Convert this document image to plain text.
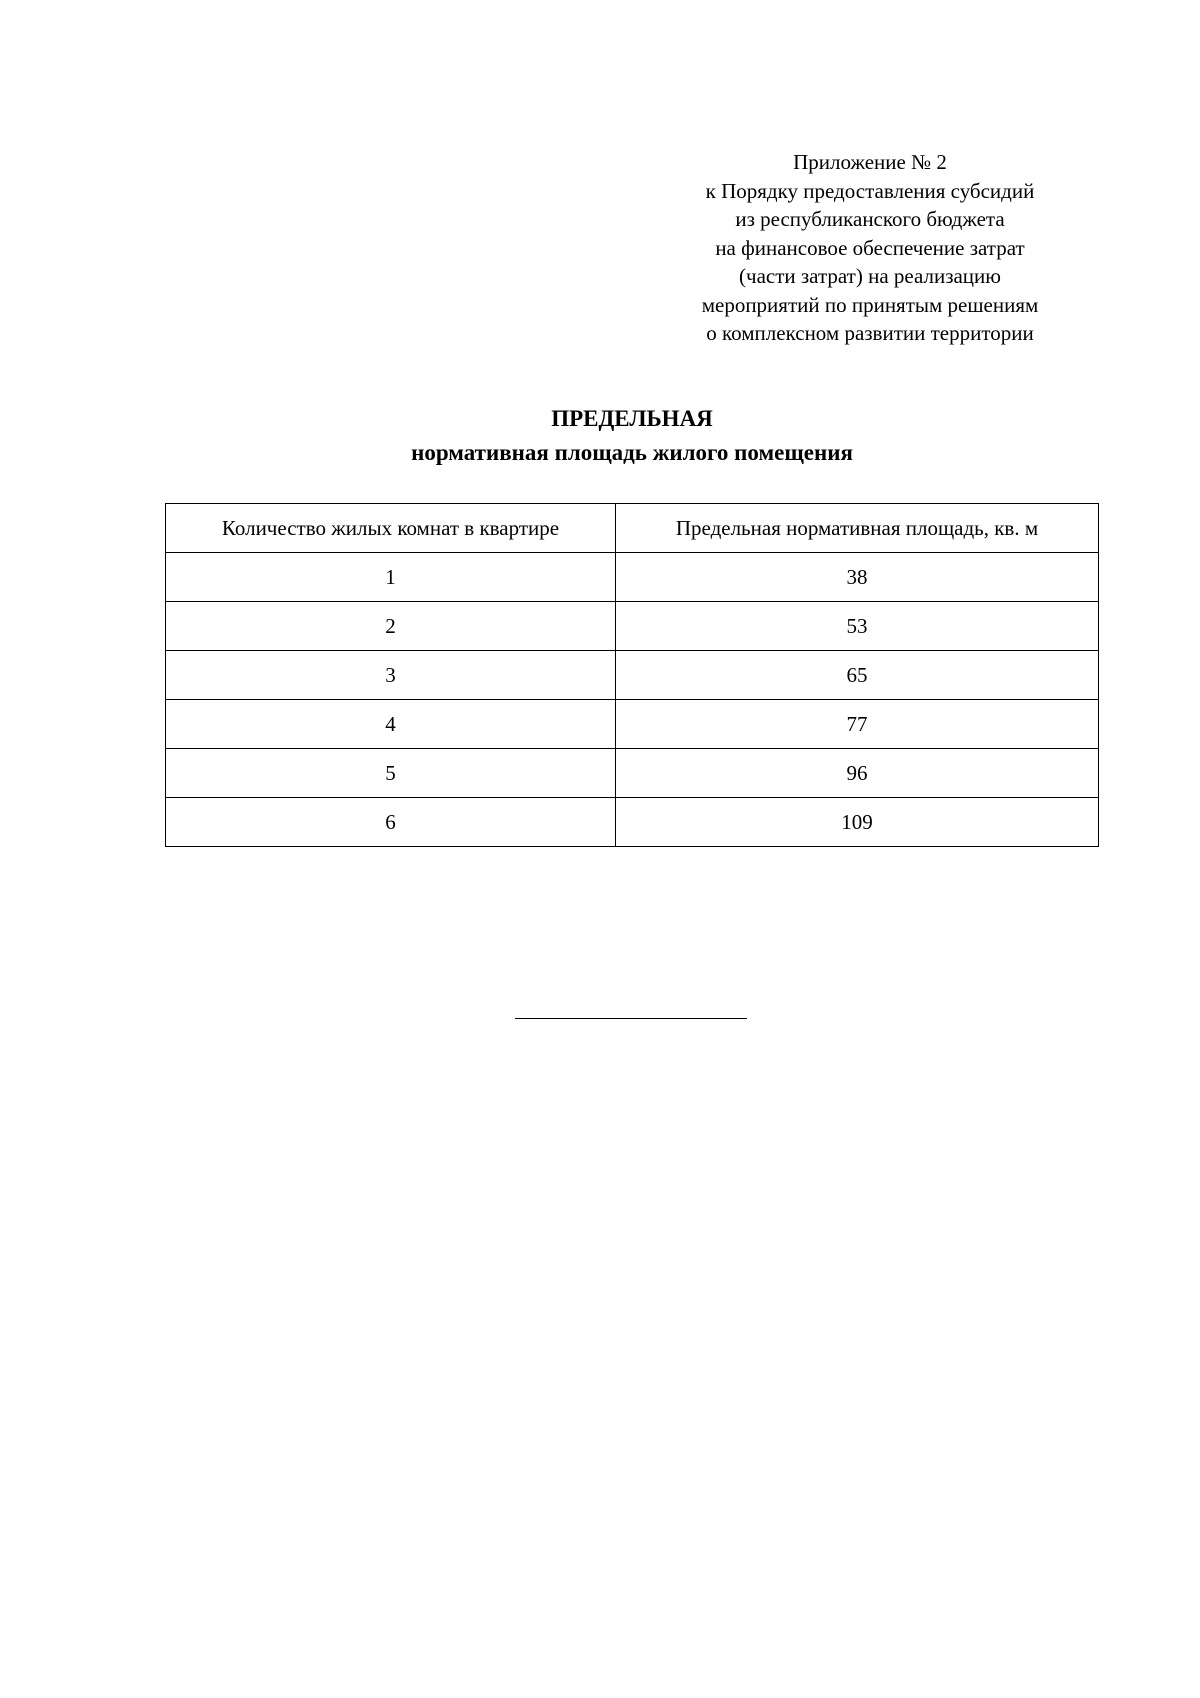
Приложение № 2
к Порядку предоставления субсидий
из республиканского бюджета
на финансовое обеспечение затрат
(части затрат) на реализацию
мероприятий по принятым решениям
о комплексном развитии территории
ПРЕДЕЛЬНАЯ
нормативная площадь жилого помещения
Количество жилых комнат в квартире	Предельная нормативная площадь, кв. м
1	38
2	53
3	65
4	77
5	96
6	109
